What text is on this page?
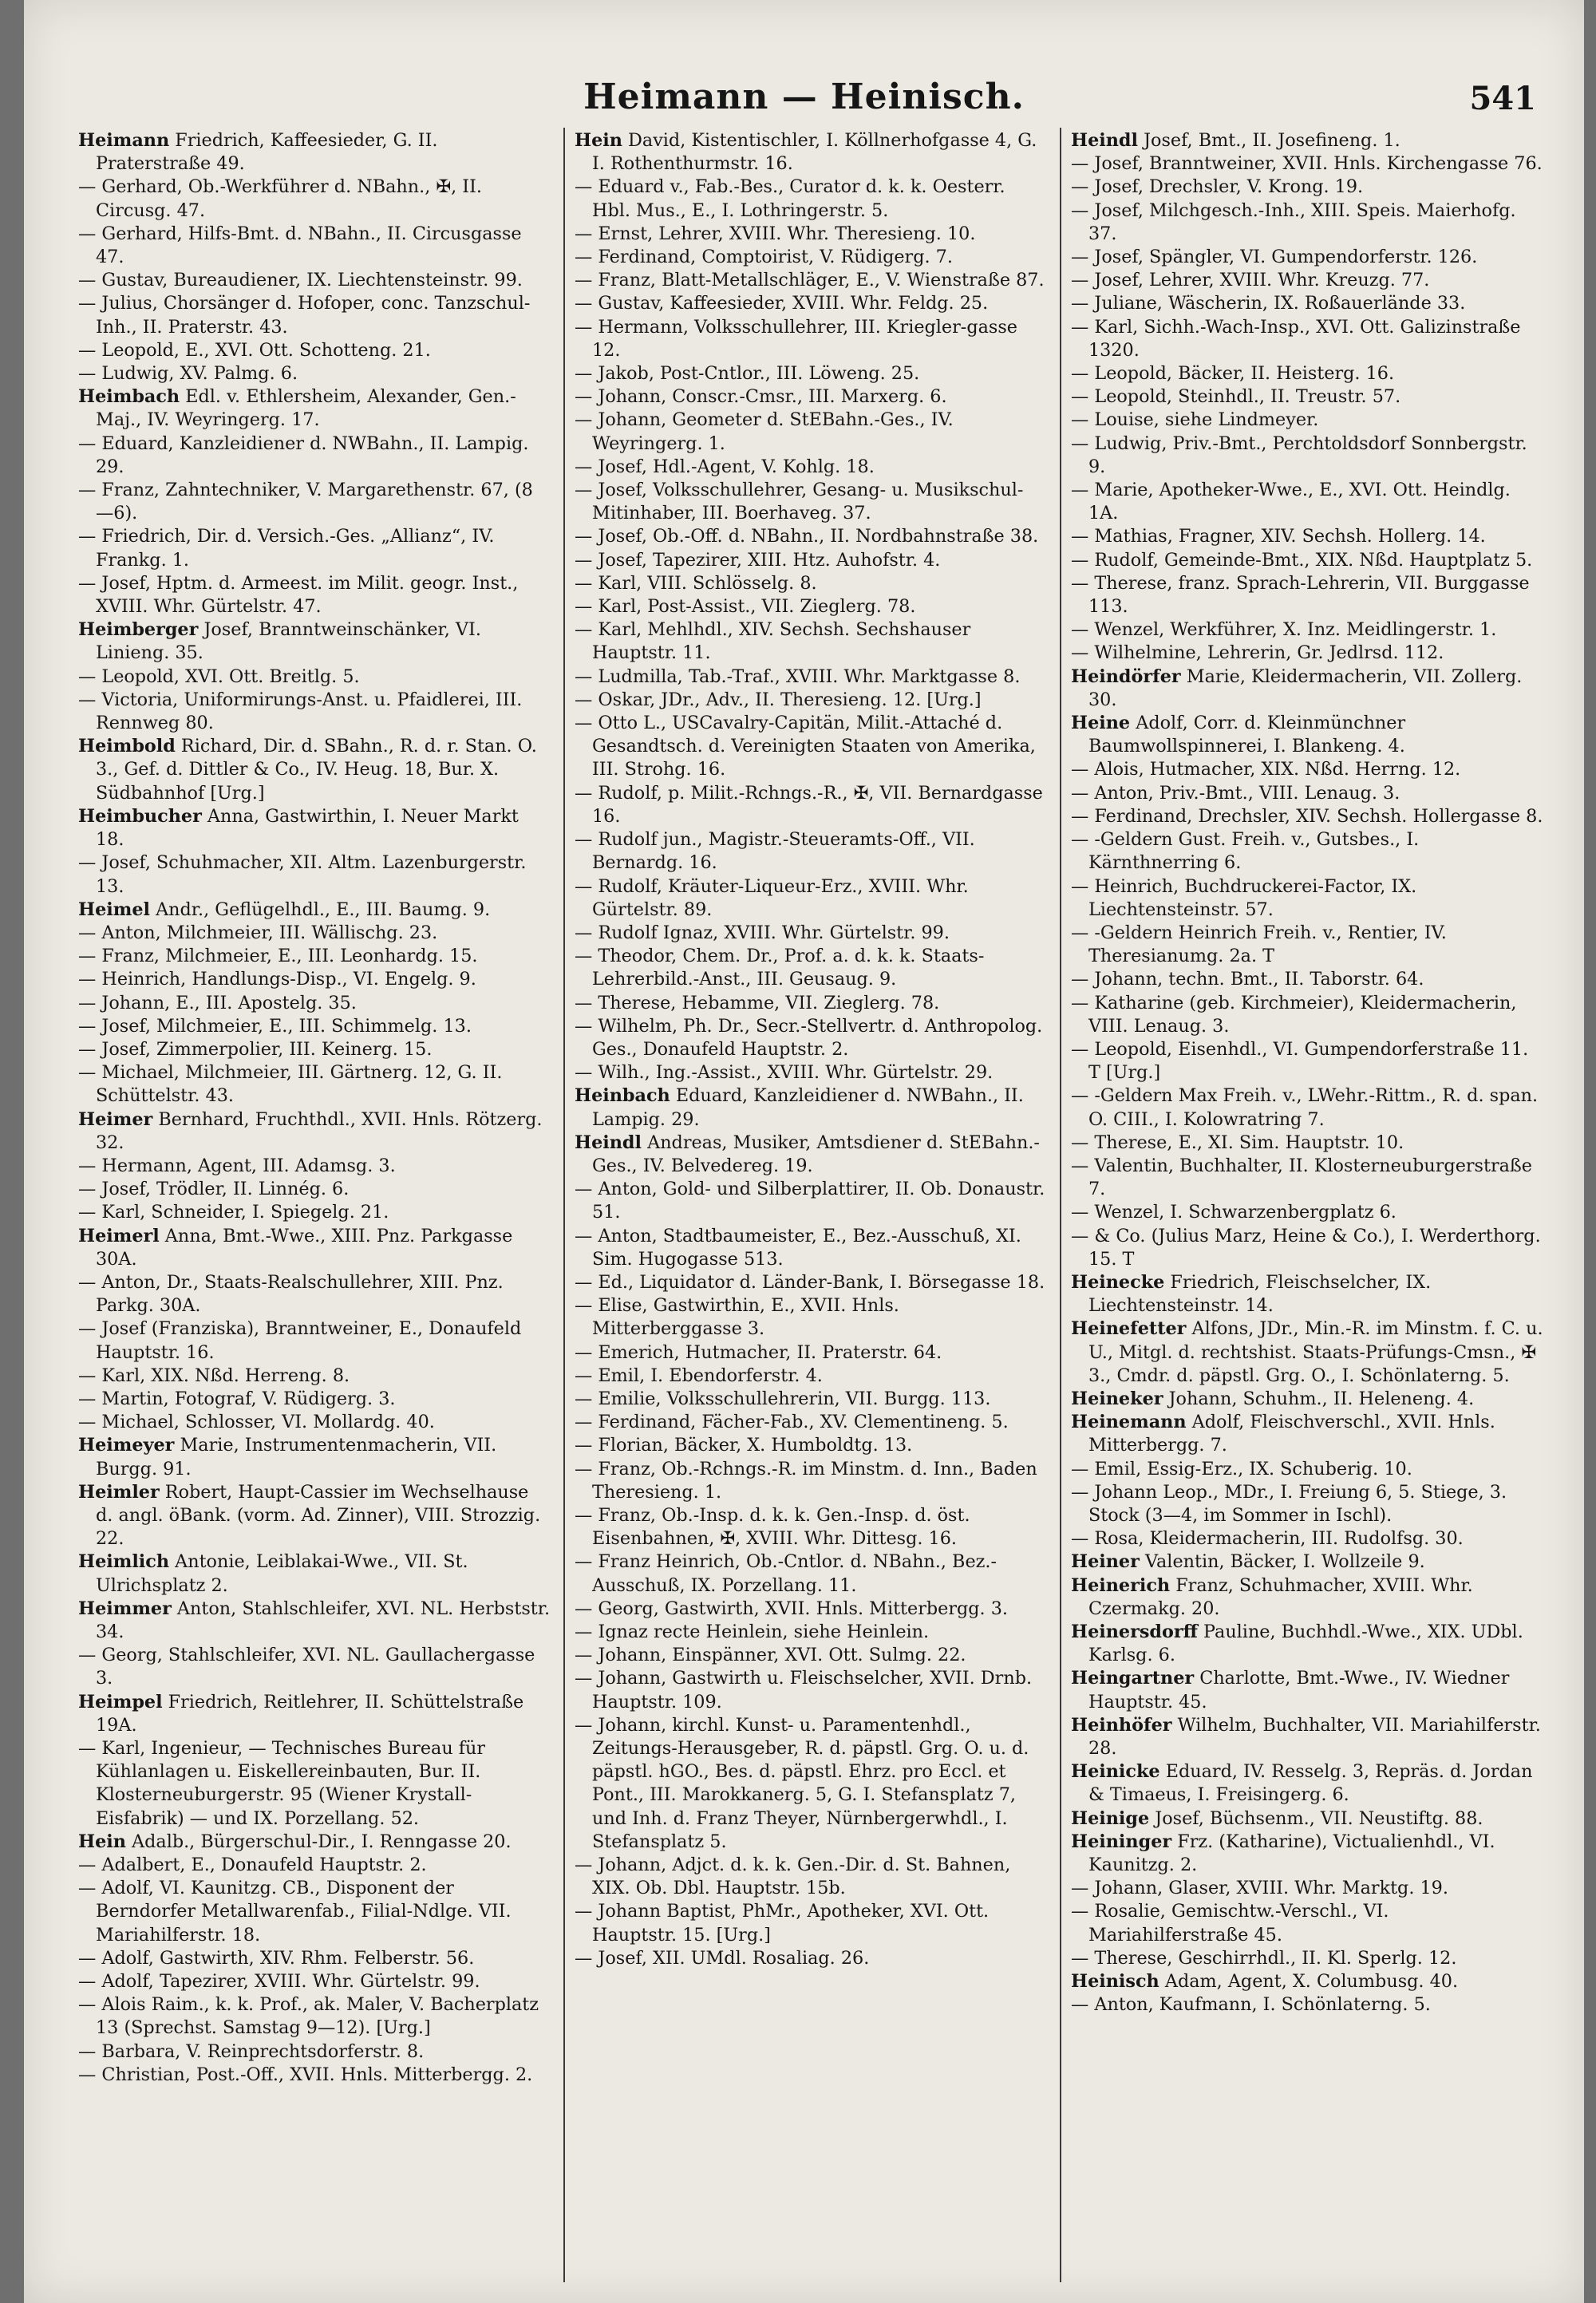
Heimann — Heinisch.	541

Heimann Friedrich, Kaffeesieder, G. II. Praterstraße 49.

— Gerhard, Ob.-Werkführer d. NBahn., ✠, II. Circusg. 47.

— Gerhard, Hilfs-Bmt. d. NBahn., II. Circusgasse 47.

— Gustav, Bureaudiener, IX. Liechtensteinstr. 99.

— Julius, Chorsänger d. Hofoper, conc. Tanzschul-Inh., II. Praterstr. 43.

— Leopold, E., XVI. Ott. Schotteng. 21.

— Ludwig, XV. Palmg. 6.

Heimbach Edl. v. Ethlersheim, Alexander, Gen.-Maj., IV. Weyringerg. 17.

— Eduard, Kanzleidiener d. NWBahn., II. Lampig. 29.

— Franz, Zahntechniker, V. Margarethenstr. 67, (8—6).

— Friedrich, Dir. d. Versich.-Ges. „Allianz“, IV. Frankg. 1.

— Josef, Hptm. d. Armeest. im Milit. geogr. Inst., XVIII. Whr. Gürtelstr. 47.

Heimberger Josef, Branntweinschänker, VI. Linieng. 35.

— Leopold, XVI. Ott. Breitlg. 5.

— Victoria, Uniformirungs-Anst. u. Pfaidlerei, III. Rennweg 80.

Heimbold Richard, Dir. d. SBahn., R. d. r. Stan. O. 3., Gef. d. Dittler & Co., IV. Heug. 18, Bur. X. Südbahnhof [Urg.]

Heimbucher Anna, Gastwirthin, I. Neuer Markt 18.

— Josef, Schuhmacher, XII. Altm. Lazenburgerstr. 13.

Heimel Andr., Geflügelhdl., E., III. Baumg. 9.

— Anton, Milchmeier, III. Wällischg. 23.

— Franz, Milchmeier, E., III. Leonhardg. 15.

— Heinrich, Handlungs-Disp., VI. Engelg. 9.

— Johann, E., III. Apostelg. 35.

— Josef, Milchmeier, E., III. Schimmelg. 13.

— Josef, Zimmerpolier, III. Keinerg. 15.

— Michael, Milchmeier, III. Gärtnerg. 12, G. II. Schüttelstr. 43.

Heimer Bernhard, Fruchthdl., XVII. Hnls. Rötzerg. 32.

— Hermann, Agent, III. Adamsg. 3.

— Josef, Trödler, II. Linnég. 6.

— Karl, Schneider, I. Spiegelg. 21.

Heimerl Anna, Bmt.-Wwe., XIII. Pnz. Parkgasse 30A.

— Anton, Dr., Staats-Realschullehrer, XIII. Pnz. Parkg. 30A.

— Josef (Franziska), Branntweiner, E., Donaufeld Hauptstr. 16.

— Karl, XIX. Nßd. Herreng. 8.

— Martin, Fotograf, V. Rüdigerg. 3.

— Michael, Schlosser, VI. Mollardg. 40.

Heimeyer Marie, Instrumentenmacherin, VII. Burgg. 91.

Heimler Robert, Haupt-Cassier im Wechselhause d. angl. öBank. (vorm. Ad. Zinner), VIII. Strozzig. 22.

Heimlich Antonie, Leiblakai-Wwe., VII. St. Ulrichsplatz 2.

Heimmer Anton, Stahlschleifer, XVI. NL. Herbststr. 34.

— Georg, Stahlschleifer, XVI. NL. Gaullachergasse 3.

Heimpel Friedrich, Reitlehrer, II. Schüttelstraße 19A.

— Karl, Ingenieur, — Technisches Bureau für Kühlanlagen u. Eiskellereinbauten, Bur. II. Klosterneuburgerstr. 95 (Wiener Krystall-Eisfabrik) — und IX. Porzellang. 52.

Hein Adalb., Bürgerschul-Dir., I. Renngasse 20.

— Adalbert, E., Donaufeld Hauptstr. 2.

— Adolf, VI. Kaunitzg. CB., Disponent der Berndorfer Metallwarenfab., Filial-Ndlge. VII. Mariahilferstr. 18.

— Adolf, Gastwirth, XIV. Rhm. Felberstr. 56.

— Adolf, Tapezirer, XVIII. Whr. Gürtelstr. 99.

— Alois Raim., k. k. Prof., ak. Maler, V. Bacherplatz 13 (Sprechst. Samstag 9—12). [Urg.]

— Barbara, V. Reinprechtsdorferstr. 8.

— Christian, Post.-Off., XVII. Hnls. Mitterbergg. 2.

Hein David, Kistentischler, I. Köllnerhofgasse 4, G. I. Rothenthurmstr. 16.

— Eduard v., Fab.-Bes., Curator d. k. k. Oesterr. Hbl. Mus., E., I. Lothringerstr. 5.

— Ernst, Lehrer, XVIII. Whr. Theresieng. 10.

— Ferdinand, Comptoirist, V. Rüdigerg. 7.

— Franz, Blatt-Metallschläger, E., V. Wienstraße 87.

— Gustav, Kaffeesieder, XVIII. Whr. Feldg. 25.

— Hermann, Volksschullehrer, III. Kriegler-gasse 12.

— Jakob, Post-Cntlor., III. Löweng. 25.

— Johann, Conscr.-Cmsr., III. Marxerg. 6.

— Johann, Geometer d. StEBahn.-Ges., IV. Weyringerg. 1.

— Josef, Hdl.-Agent, V. Kohlg. 18.

— Josef, Volksschullehrer, Gesang- u. Musikschul-Mitinhaber, III. Boerhaveg. 37.

— Josef, Ob.-Off. d. NBahn., II. Nordbahnstraße 38.

— Josef, Tapezirer, XIII. Htz. Auhofstr. 4.

— Karl, VIII. Schlösselg. 8.

— Karl, Post-Assist., VII. Zieglerg. 78.

— Karl, Mehlhdl., XIV. Sechsh. Sechshauser Hauptstr. 11.

— Ludmilla, Tab.-Traf., XVIII. Whr. Marktgasse 8.

— Oskar, JDr., Adv., II. Theresieng. 12. [Urg.]

— Otto L., USCavalry-Capitän, Milit.-Attaché d. Gesandtsch. d. Vereinigten Staaten von Amerika, III. Strohg. 16.

— Rudolf, p. Milit.-Rchngs.-R., ✠, VII. Bernardgasse 16.

— Rudolf jun., Magistr.-Steueramts-Off., VII. Bernardg. 16.

— Rudolf, Kräuter-Liqueur-Erz., XVIII. Whr. Gürtelstr. 89.

— Rudolf Ignaz, XVIII. Whr. Gürtelstr. 99.

— Theodor, Chem. Dr., Prof. a. d. k. k. Staats-Lehrerbild.-Anst., III. Geusaug. 9.

— Therese, Hebamme, VII. Zieglerg. 78.

— Wilhelm, Ph. Dr., Secr.-Stellvertr. d. Anthropolog. Ges., Donaufeld Hauptstr. 2.

— Wilh., Ing.-Assist., XVIII. Whr. Gürtelstr. 29.

Heinbach Eduard, Kanzleidiener d. NWBahn., II. Lampig. 29.

Heindl Andreas, Musiker, Amtsdiener d. StEBahn.-Ges., IV. Belvedereg. 19.

— Anton, Gold- und Silberplattirer, II. Ob. Donaustr. 51.

— Anton, Stadtbaumeister, E., Bez.-Ausschuß, XI. Sim. Hugogasse 513.

— Ed., Liquidator d. Länder-Bank, I. Börsegasse 18.

— Elise, Gastwirthin, E., XVII. Hnls. Mitterberggasse 3.

— Emerich, Hutmacher, II. Praterstr. 64.

— Emil, I. Ebendorferstr. 4.

— Emilie, Volksschullehrerin, VII. Burgg. 113.

— Ferdinand, Fächer-Fab., XV. Clementineng. 5.

— Florian, Bäcker, X. Humboldtg. 13.

— Franz, Ob.-Rchngs.-R. im Minstm. d. Inn., Baden Theresieng. 1.

— Franz, Ob.-Insp. d. k. k. Gen.-Insp. d. öst. Eisenbahnen, ✠, XVIII. Whr. Dittesg. 16.

— Franz Heinrich, Ob.-Cntlor. d. NBahn., Bez.-Ausschuß, IX. Porzellang. 11.

— Georg, Gastwirth, XVII. Hnls. Mitterbergg. 3.

— Ignaz recte Heinlein, siehe Heinlein.

— Johann, Einspänner, XVI. Ott. Sulmg. 22.

— Johann, Gastwirth u. Fleischselcher, XVII. Drnb. Hauptstr. 109.

— Johann, kirchl. Kunst- u. Paramentenhdl., Zeitungs-Herausgeber, R. d. päpstl. Grg. O. u. d. päpstl. hGO., Bes. d. päpstl. Ehrz. pro Eccl. et Pont., III. Marokkanerg. 5, G. I. Stefansplatz 7, und Inh. d. Franz Theyer, Nürnbergerwhdl., I. Stefansplatz 5.

— Johann, Adjct. d. k. k. Gen.-Dir. d. St. Bahnen, XIX. Ob. Dbl. Hauptstr. 15b.

— Johann Baptist, PhMr., Apotheker, XVI. Ott. Hauptstr. 15. [Urg.]

— Josef, XII. UMdl. Rosaliag. 26.

Heindl Josef, Bmt., II. Josefineng. 1.

— Josef, Branntweiner, XVII. Hnls. Kirchengasse 76.

— Josef, Drechsler, V. Krong. 19.

— Josef, Milchgesch.-Inh., XIII. Speis. Maierhofg. 37.

— Josef, Spängler, VI. Gumpendorferstr. 126.

— Josef, Lehrer, XVIII. Whr. Kreuzg. 77.

— Juliane, Wäscherin, IX. Roßauerlände 33.

— Karl, Sichh.-Wach-Insp., XVI. Ott. Galizinstraße 1320.

— Leopold, Bäcker, II. Heisterg. 16.

— Leopold, Steinhdl., II. Treustr. 57.

— Louise, siehe Lindmeyer.

— Ludwig, Priv.-Bmt., Perchtoldsdorf Sonnbergstr. 9.

— Marie, Apotheker-Wwe., E., XVI. Ott. Heindlg. 1A.

— Mathias, Fragner, XIV. Sechsh. Hollerg. 14.

— Rudolf, Gemeinde-Bmt., XIX. Nßd. Hauptplatz 5.

— Therese, franz. Sprach-Lehrerin, VII. Burggasse 113.

— Wenzel, Werkführer, X. Inz. Meidlingerstr. 1.

— Wilhelmine, Lehrerin, Gr. Jedlrsd. 112.

Heindörfer Marie, Kleidermacherin, VII. Zollerg. 30.

Heine Adolf, Corr. d. Kleinmünchner Baumwollspinnerei, I. Blankeng. 4.

— Alois, Hutmacher, XIX. Nßd. Herrng. 12.

— Anton, Priv.-Bmt., VIII. Lenaug. 3.

— Ferdinand, Drechsler, XIV. Sechsh. Hollergasse 8.

— -Geldern Gust. Freih. v., Gutsbes., I. Kärnthnerring 6.

— Heinrich, Buchdruckerei-Factor, IX. Liechtensteinstr. 57.

— -Geldern Heinrich Freih. v., Rentier, IV. Theresianumg. 2a. T

— Johann, techn. Bmt., II. Taborstr. 64.

— Katharine (geb. Kirchmeier), Kleidermacherin, VIII. Lenaug. 3.

— Leopold, Eisenhdl., VI. Gumpendorferstraße 11. T [Urg.]

— -Geldern Max Freih. v., LWehr.-Rittm., R. d. span. O. CIII., I. Kolowratring 7.

— Therese, E., XI. Sim. Hauptstr. 10.

— Valentin, Buchhalter, II. Klosterneuburgerstraße 7.

— Wenzel, I. Schwarzenbergplatz 6.

— & Co. (Julius Marz, Heine & Co.), I. Werderthorg. 15. T

Heinecke Friedrich, Fleischselcher, IX. Liechtensteinstr. 14.

Heinefetter Alfons, JDr., Min.-R. im Minstm. f. C. u. U., Mitgl. d. rechtshist. Staats-Prüfungs-Cmsn., ✠ 3., Cmdr. d. päpstl. Grg. O., I. Schönlaterng. 5.

Heineker Johann, Schuhm., II. Heleneng. 4.

Heinemann Adolf, Fleischverschl., XVII. Hnls. Mitterbergg. 7.

— Emil, Essig-Erz., IX. Schuberig. 10.

— Johann Leop., MDr., I. Freiung 6, 5. Stiege, 3. Stock (3—4, im Sommer in Ischl).

— Rosa, Kleidermacherin, III. Rudolfsg. 30.

Heiner Valentin, Bäcker, I. Wollzeile 9.

Heinerich Franz, Schuhmacher, XVIII. Whr. Czermakg. 20.

Heinersdorff Pauline, Buchhdl.-Wwe., XIX. UDbl. Karlsg. 6.

Heingartner Charlotte, Bmt.-Wwe., IV. Wiedner Hauptstr. 45.

Heinhöfer Wilhelm, Buchhalter, VII. Mariahilferstr. 28.

Heinicke Eduard, IV. Resselg. 3, Repräs. d. Jordan & Timaeus, I. Freisingerg. 6.

Heinige Josef, Büchsenm., VII. Neustiftg. 88.

Heininger Frz. (Katharine), Victualienhdl., VI. Kaunitzg. 2.

— Johann, Glaser, XVIII. Whr. Marktg. 19.

— Rosalie, Gemischtw.-Verschl., VI. Mariahilferstraße 45.

— Therese, Geschirrhdl., II. Kl. Sperlg. 12.

Heinisch Adam, Agent, X. Columbusg. 40.

— Anton, Kaufmann, I. Schönlaterng. 5.
